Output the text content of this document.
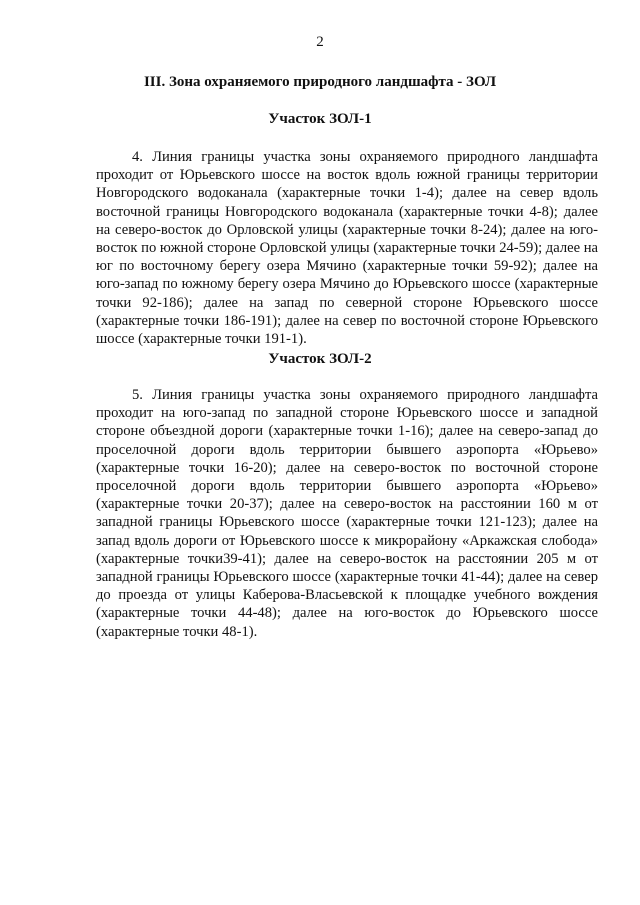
2
III. Зона охраняемого природного ландшафта - ЗОЛ
Участок ЗОЛ-1

4. Линия границы участка зоны охраняемого природного ландшафта проходит от Юрьевского шоссе на восток вдоль южной границы территории Новгородского водоканала (характерные точки 1-4); далее на север вдоль восточной границы Новгородского водоканала (характерные точки 4-8); далее на северо-восток до Орловской улицы (характерные точки 8-24); далее на юго-восток по южной стороне Орловской улицы (характерные точки 24-59); далее на юг по восточному берегу озера Мячино (характерные точки 59-92); далее на юго-запад по южному берегу озера Мячино до Юрьевского шоссе (характерные точки 92-186); далее на запад по северной стороне Юрьевского шоссе (характерные точки 186-191); далее на север по восточной стороне Юрьевского шоссе (характерные точки 191-1).

Участок ЗОЛ-2

5. Линия границы участка зоны охраняемого природного ландшафта проходит на юго-запад по западной стороне Юрьевского шоссе и западной стороне объездной дороги (характерные точки 1-16); далее на северо-запад до проселочной дороги вдоль территории бывшего аэропорта «Юрьево» (характерные точки 16-20); далее на северо-восток по восточной стороне проселочной дороги вдоль территории бывшего аэропорта «Юрьево» (характерные точки 20-37); далее на северо-восток на расстоянии 160 м от западной границы Юрьевского шоссе (характерные точки 121-123); далее на запад вдоль дороги от Юрьевского шоссе к микрорайону «Аркажская слобода» (характерные точки39-41); далее на северо-восток на расстоянии 205 м от западной границы Юрьевского шоссе (характерные точки 41-44); далее на север до проезда от улицы Каберова-Власьевской к площадке учебного вождения (характерные точки 44-48); далее на юго-восток до Юрьевского шоссе (характерные точки 48-1).
